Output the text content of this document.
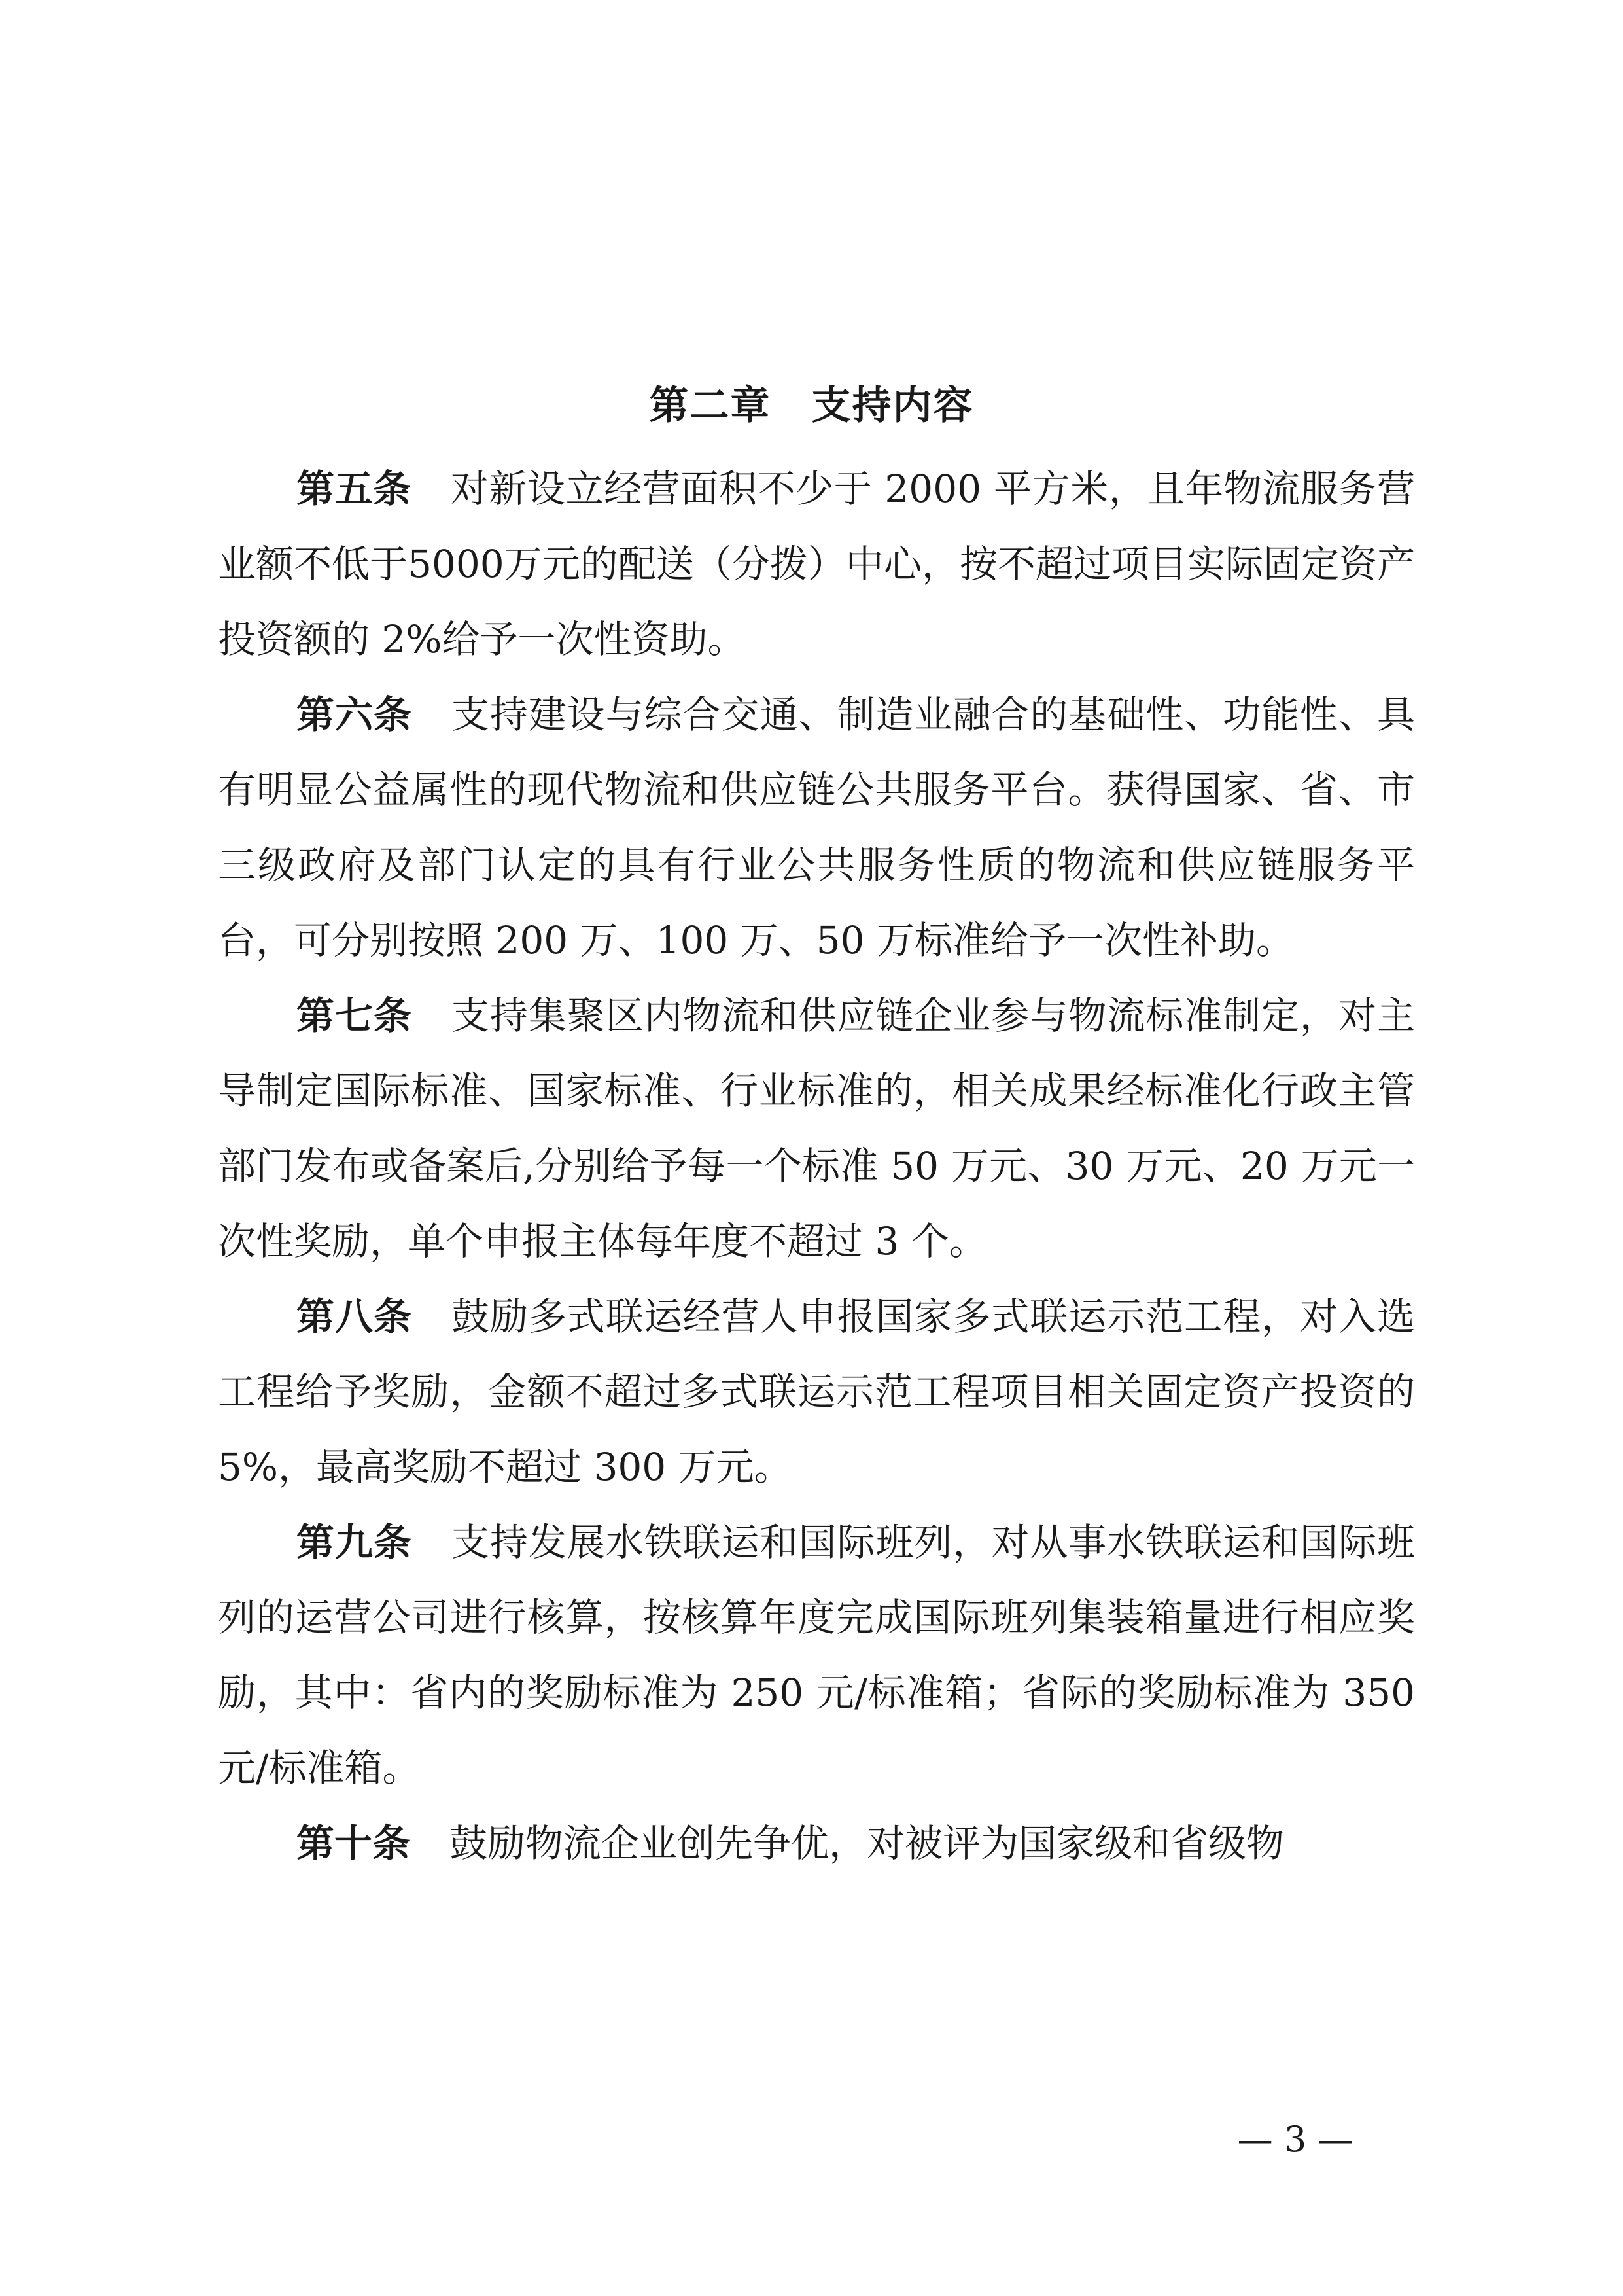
第二章　支持内容

第五条 对新设立经营面积不少于 2000 平方米，且年物流服务营业额不低于5000万元的配送（分拨）中心，按不超过项目实际固定资产投资额的 2%给予一次性资助。

第六条 支持建设与综合交通、制造业融合的基础性、功能性、具有明显公益属性的现代物流和供应链公共服务平台。获得国家、省、市三级政府及部门认定的具有行业公共服务性质的物流和供应链服务平台，可分别按照 200 万、100 万、50 万标准给予一次性补助。

第七条 支持集聚区内物流和供应链企业参与物流标准制定，对主导制定国际标准、国家标准、行业标准的，相关成果经标准化行政主管部门发布或备案后,分别给予每一个标准 50 万元、30 万元、20 万元一次性奖励，单个申报主体每年度不超过 3 个。

第八条 鼓励多式联运经营人申报国家多式联运示范工程，对入选工程给予奖励，金额不超过多式联运示范工程项目相关固定资产投资的 5%，最高奖励不超过 300 万元。

第九条 支持发展水铁联运和国际班列，对从事水铁联运和国际班列的运营公司进行核算，按核算年度完成国际班列集装箱量进行相应奖励，其中：省内的奖励标准为 250 元/标准箱；省际的奖励标准为 350 元/标准箱。

第十条 鼓励物流企业创先争优，对被评为国家级和省级物

— 3 —
